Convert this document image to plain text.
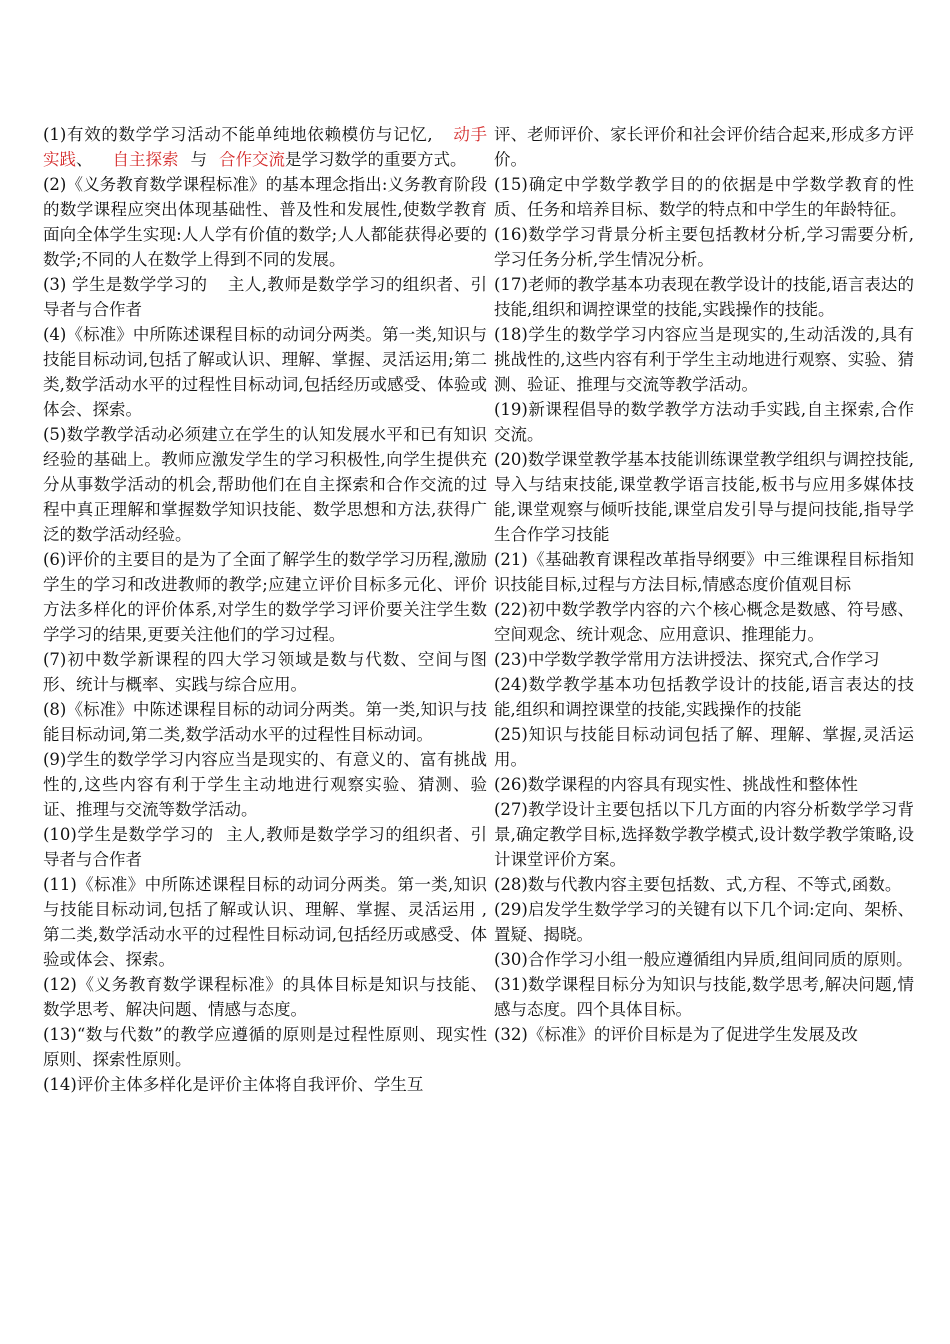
(1)有效的数学学习活动不能单纯地依赖模仿与记忆, 动手实践、 自主探索 与 合作交流是学习数学的重要方式。

(2)《义务教育数学课程标准》的基本理念指出:义务教育阶段的数学课程应突出体现基础性、普及性和发展性,使数学教育面向全体学生实现:人人学有价值的数学;人人都能获得必要的数学;不同的人在数学上得到不同的发展。

(3) 学生是数学学习的 主人,教师是数学学习的组织者、引导者与合作者

(4)《标准》中所陈述课程目标的动词分两类。第一类,知识与技能目标动词,包括了解或认识、理解、掌握、灵活运用;第二类,数学活动水平的过程性目标动词,包括经历或感受、体验或体会、探索。

(5)数学教学活动必须建立在学生的认知发展水平和已有知识经验的基础上。教师应激发学生的学习积极性,向学生提供充分从事数学活动的机会,帮助他们在自主探索和合作交流的过程中真正理解和掌握数学知识技能、数学思想和方法,获得广泛的数学活动经验。

(6)评价的主要目的是为了全面了解学生的数学学习历程,激励学生的学习和改进教师的教学;应建立评价目标多元化、评价方法多样化的评价体系,对学生的数学学习评价要关注学生数学学习的结果,更要关注他们的学习过程。

(7)初中数学新课程的四大学习领域是数与代数、空间与图形、统计与概率、实践与综合应用。

(8)《标准》中陈述课程目标的动词分两类。第一类,知识与技能目标动词,第二类,数学活动水平的过程性目标动词。

(9)学生的数学学习内容应当是现实的、有意义的、富有挑战性的,这些内容有利于学生主动地进行观察实验、猜测、验证、推理与交流等数学活动。

(10)学生是数学学习的 主人,教师是数学学习的组织者、引导者与合作者

(11)《标准》中所陈述课程目标的动词分两类。第一类,知识与技能目标动词,包括了解或认识、理解、掌握、灵活运用 ,第二类,数学活动水平的过程性目标动词,包括经历或感受、体验或体会、探索。

(12)《义务教育数学课程标准》的具体目标是知识与技能、数学思考、解决问题、情感与态度。

(13)“数与代数”的教学应遵循的原则是过程性原则、现实性原则、探索性原则。

(14)评价主体多样化是评价主体将自我评价、学生互

评、老师评价、家长评价和社会评价结合起来,形成多方评价。

(15)确定中学数学教学目的的依据是中学数学教育的性质、任务和培养目标、数学的特点和中学生的年龄特征。

(16)数学学习背景分析主要包括教材分析,学习需要分析,学习任务分析,学生情况分析。

(17)老师的教学基本功表现在教学设计的技能,语言表达的技能,组织和调控课堂的技能,实践操作的技能。

(18)学生的数学学习内容应当是现实的,生动活泼的,具有挑战性的,这些内容有利于学生主动地进行观察、实验、猜测、验证、推理与交流等教学活动。

(19)新课程倡导的数学教学方法动手实践,自主探索,合作交流。

(20)数学课堂教学基本技能训练课堂教学组织与调控技能,导入与结束技能,课堂教学语言技能,板书与应用多媒体技能,课堂观察与倾听技能,课堂启发引导与提问技能,指导学生合作学习技能

(21)《基础教育课程改革指导纲要》中三维课程目标指知识技能目标,过程与方法目标,情感态度价值观目标

(22)初中数学教学内容的六个核心概念是数感、符号感、空间观念、统计观念、应用意识、推理能力。

(23)中学数学教学常用方法讲授法、探究式,合作学习

(24)数学教学基本功包括教学设计的技能,语言表达的技能,组织和调控课堂的技能,实践操作的技能

(25)知识与技能目标动词包括了解、理解、掌握,灵活运用。

(26)数学课程的内容具有现实性、挑战性和整体性

(27)教学设计主要包括以下几方面的内容分析数学学习背景,确定教学目标,选择数学教学模式,设计数学教学策略,设计课堂评价方案。

(28)数与代教内容主要包括数、式,方程、不等式,函数。

(29)启发学生数学学习的关键有以下几个词:定向、架桥、置疑、揭晓。

(30)合作学习小组一般应遵循组内异质,组间同质的原则。

(31)数学课程目标分为知识与技能,数学思考,解决问题,情感与态度。四个具体目标。

(32)《标准》的评价目标是为了促进学生发展及改
